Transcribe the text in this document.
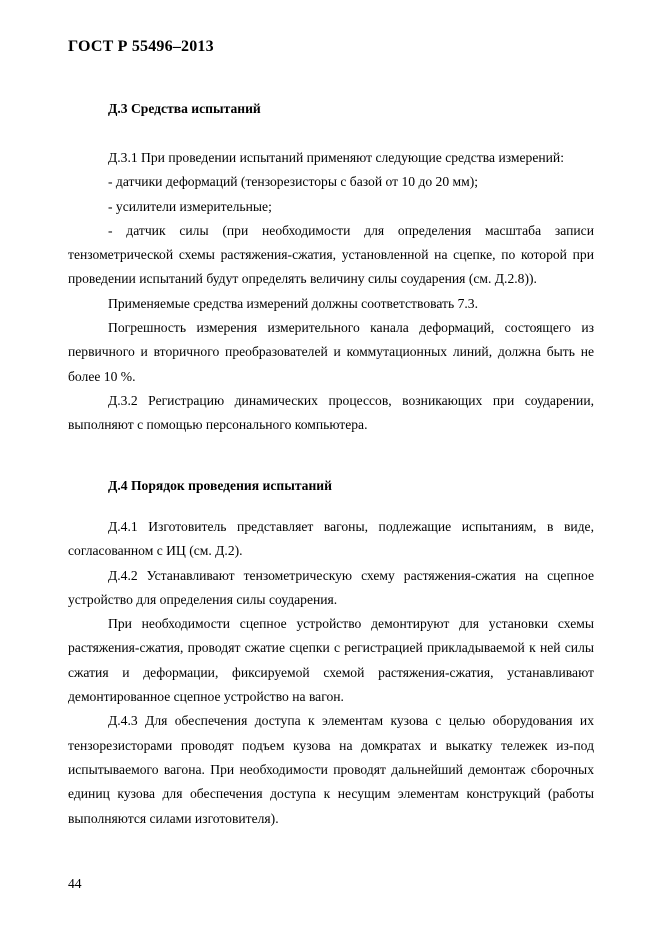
ГОСТ Р 55496–2013
Д.3 Средства испытаний

Д.3.1 При проведении испытаний применяют следующие средства измерений:

- датчики деформаций (тензорезисторы с базой от 10 до 20 мм);

- усилители измерительные;

- датчик силы (при необходимости для определения масштаба записи тензометрической схемы растяжения-сжатия, установленной на сцепке, по которой при проведении испытаний будут определять величину силы соударения (см. Д.2.8)).

Применяемые средства измерений должны соответствовать 7.3.

Погрешность измерения измерительного канала деформаций, состоящего из первичного и вторичного преобразователей и коммутационных линий, должна быть не более 10 %.

Д.3.2 Регистрацию динамических процессов, возникающих при соударении, выполняют с помощью персонального компьютера.

Д.4 Порядок проведения испытаний

Д.4.1 Изготовитель представляет вагоны, подлежащие испытаниям, в виде, согласованном с ИЦ (см. Д.2).

Д.4.2 Устанавливают тензометрическую схему растяжения-сжатия на сцепное устройство для определения силы соударения.

При необходимости сцепное устройство демонтируют для установки схемы растяжения-сжатия, проводят сжатие сцепки с регистрацией прикладываемой к ней силы сжатия и деформации, фиксируемой схемой растяжения-сжатия, устанавливают демонтированное сцепное устройство на вагон.

Д.4.3 Для обеспечения доступа к элементам кузова с целью оборудования их тензорезисторами проводят подъем кузова на домкратах и выкатку тележек из-под испытываемого вагона. При необходимости проводят дальнейший демонтаж сборочных единиц кузова для обеспечения доступа к несущим элементам конструкций (работы выполняются силами изготовителя).

44
